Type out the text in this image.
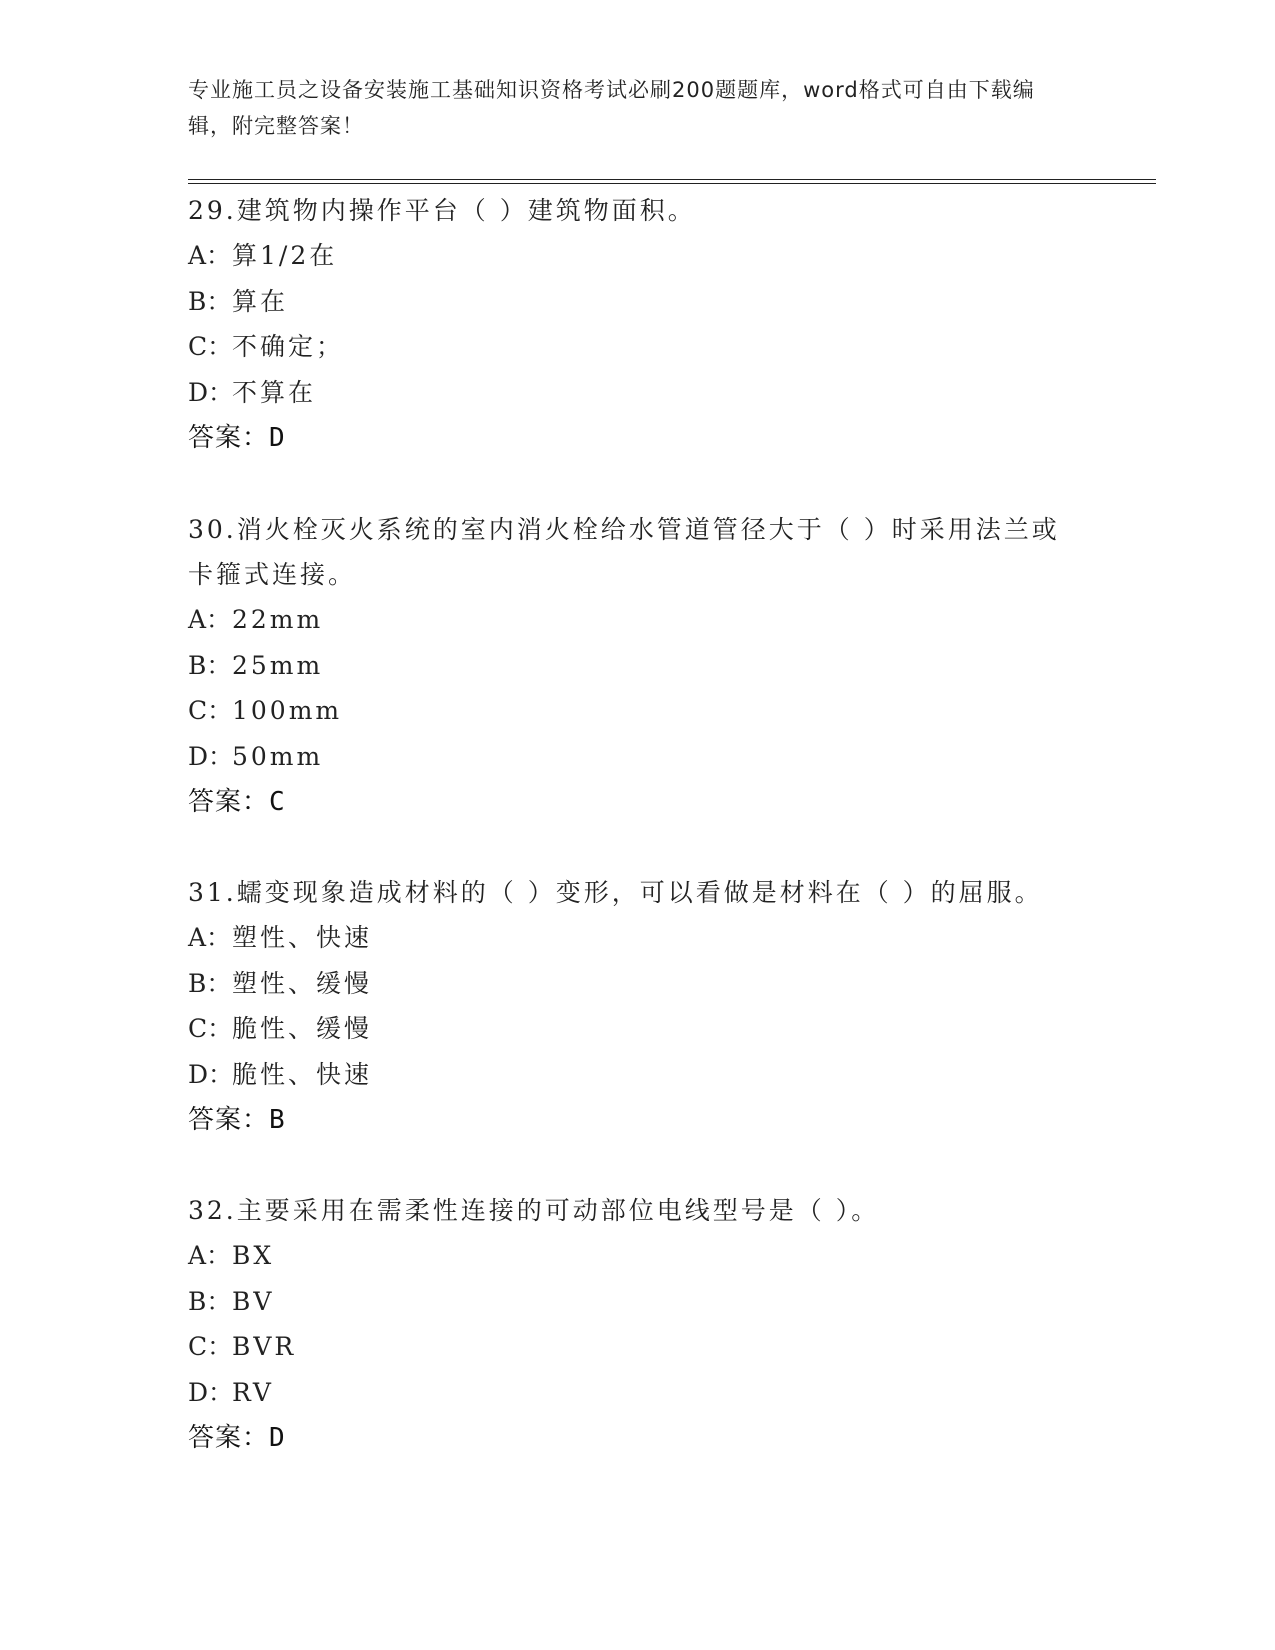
专业施工员之设备安装施工基础知识资格考试必刷200题题库，word格式可自由下载编辑，附完整答案！

29.建筑物内操作平台（ ）建筑物面积。

A：算1/2在
B：算在
C：不确定；
D：不算在
答案：D

30.消火栓灭火系统的室内消火栓给水管道管径大于（ ）时采用法兰或卡箍式连接。

A：22mm
B：25mm
C：100mm
D：50mm
答案：C

31.蠕变现象造成材料的（ ）变形，可以看做是材料在（ ）的屈服。

A：塑性、快速
B：塑性、缓慢
C：脆性、缓慢
D：脆性、快速
答案：B

32.主要采用在需柔性连接的可动部位电线型号是（ ）。

A：BX
B：BV
C：BVR
D：RV
答案：D
